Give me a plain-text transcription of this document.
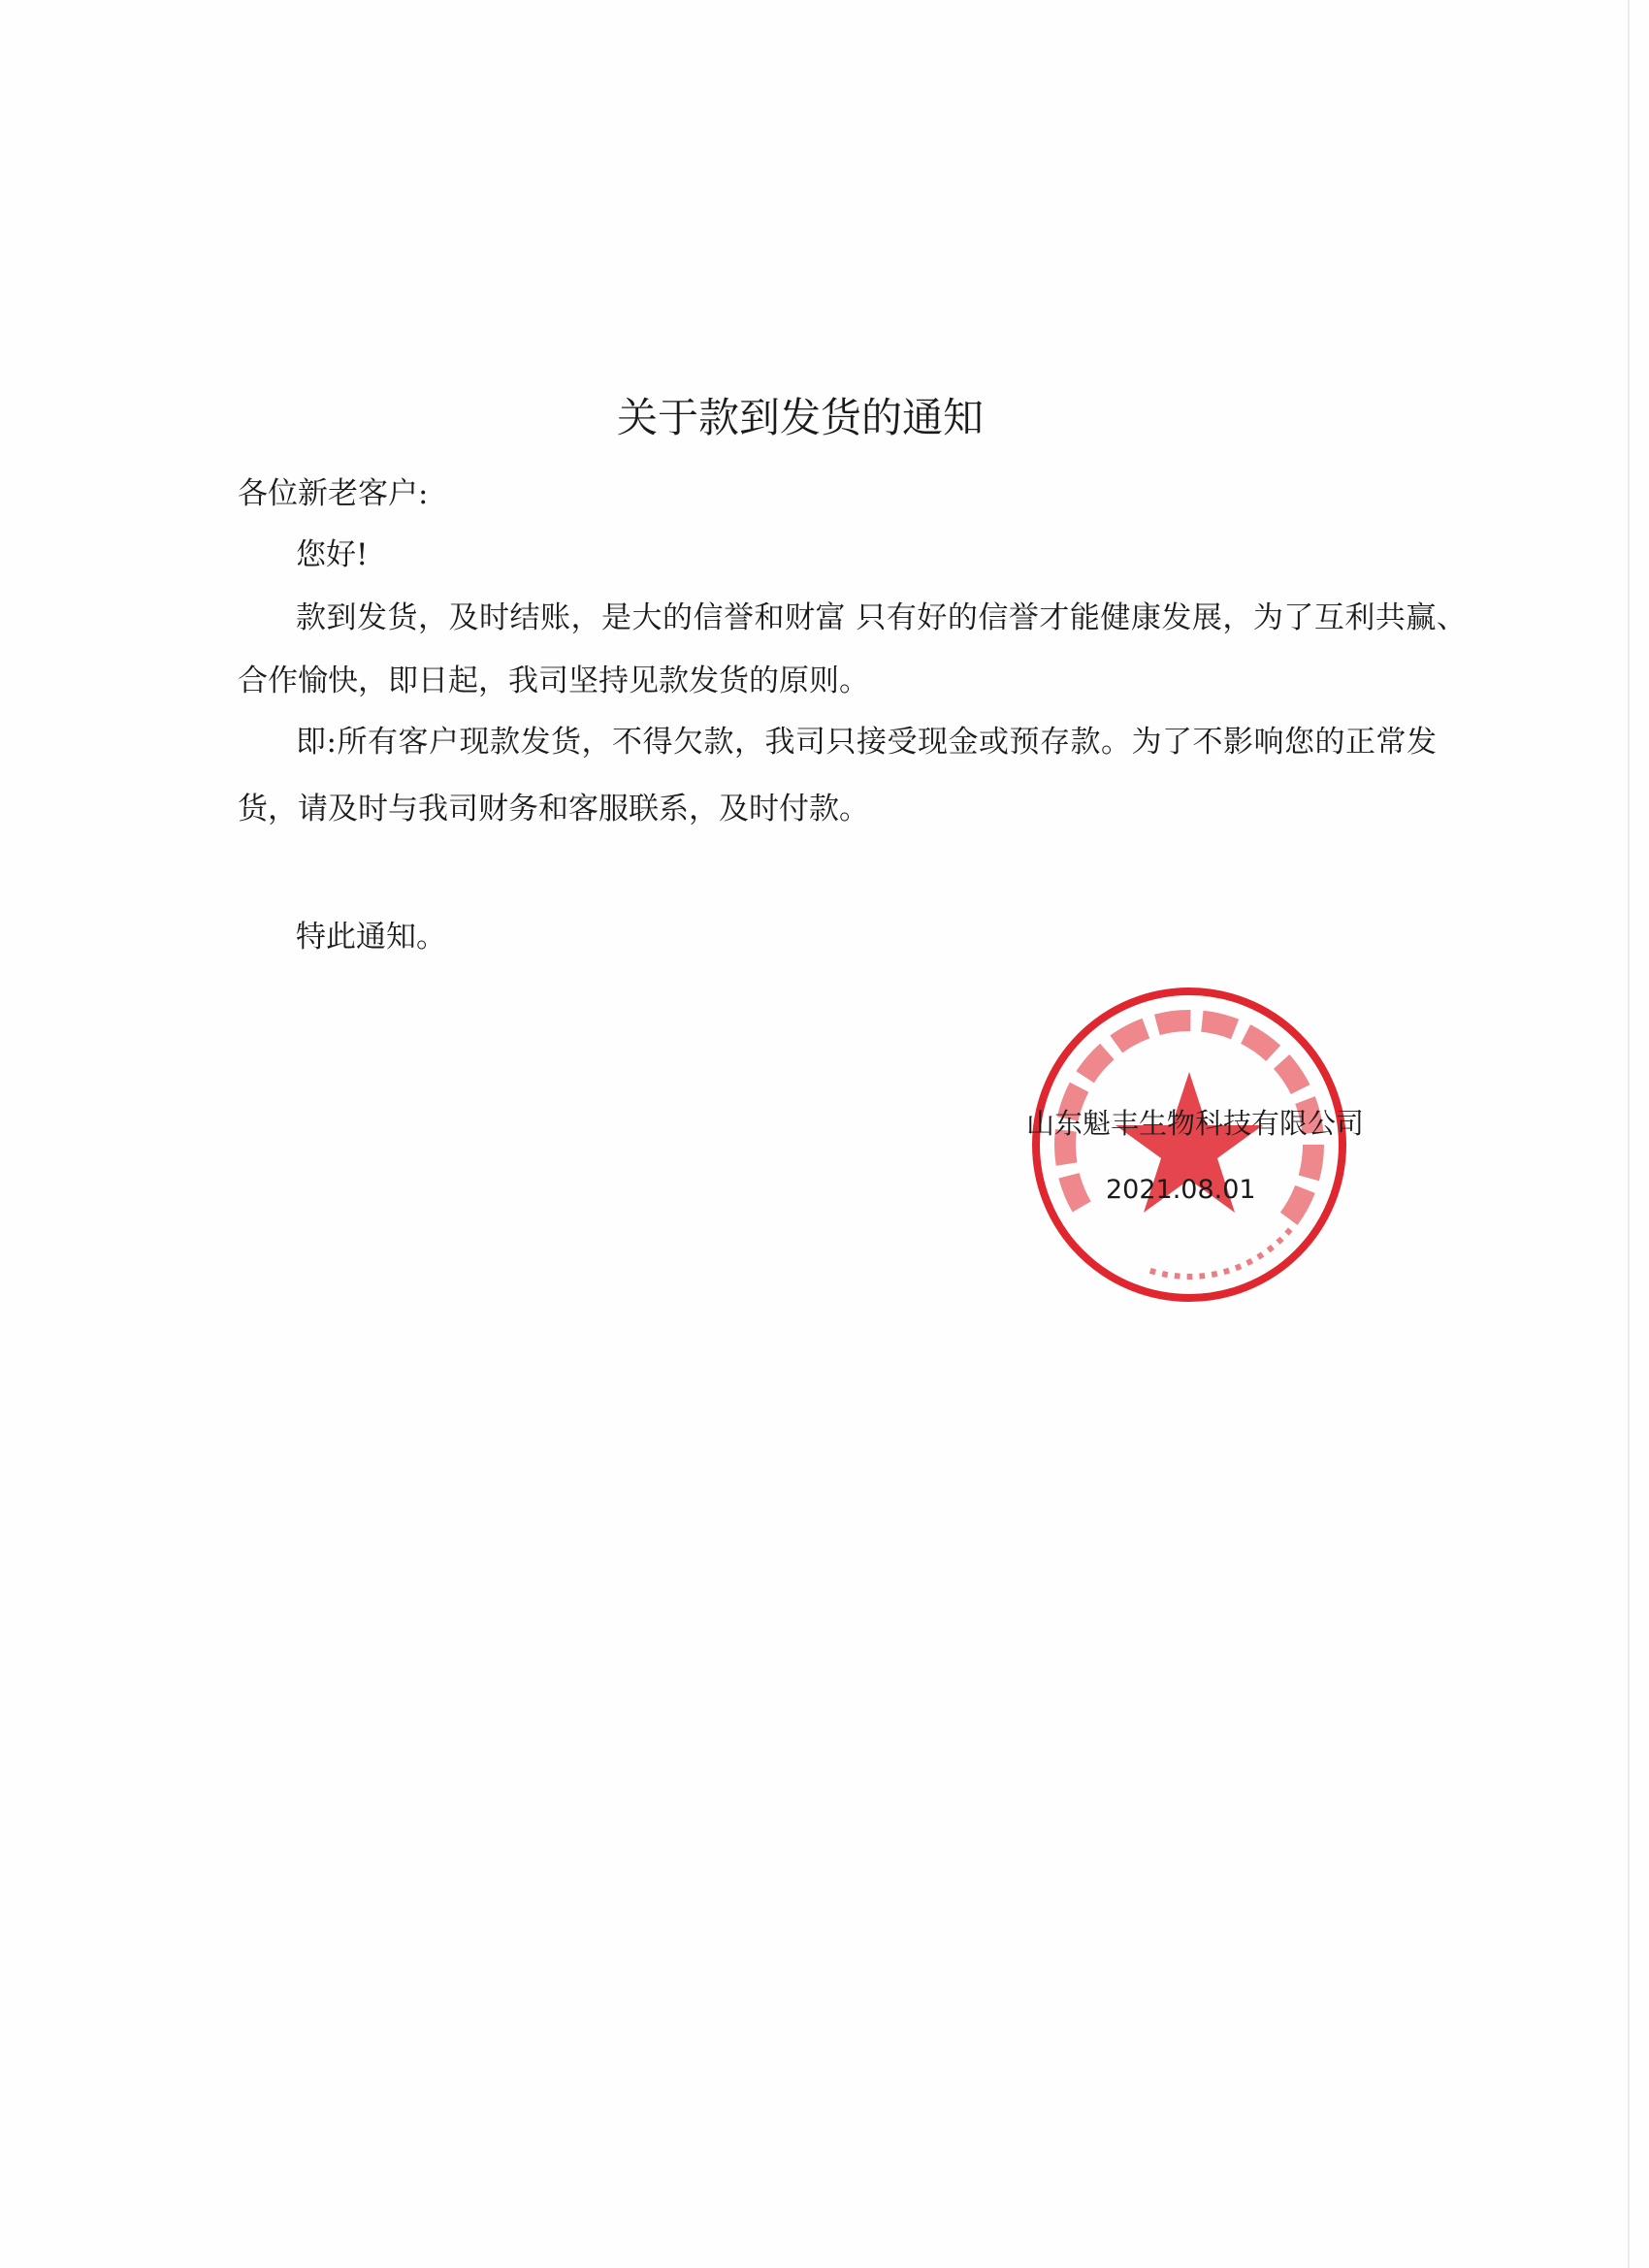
关于款到发货的通知
各位新老客户:
您好!
款到发货，及时结账，是大的信誉和财富 只有好的信誉才能健康发展，为了互利共赢、
合作愉快，即日起，我司坚持见款发货的原则。
即:所有客户现款发货，不得欠款，我司只接受现金或预存款。为了不影响您的正常发
货，请及时与我司财务和客服联系，及时付款。
特此通知。
山东魁丰生物科技有限公司
2021.08.01
